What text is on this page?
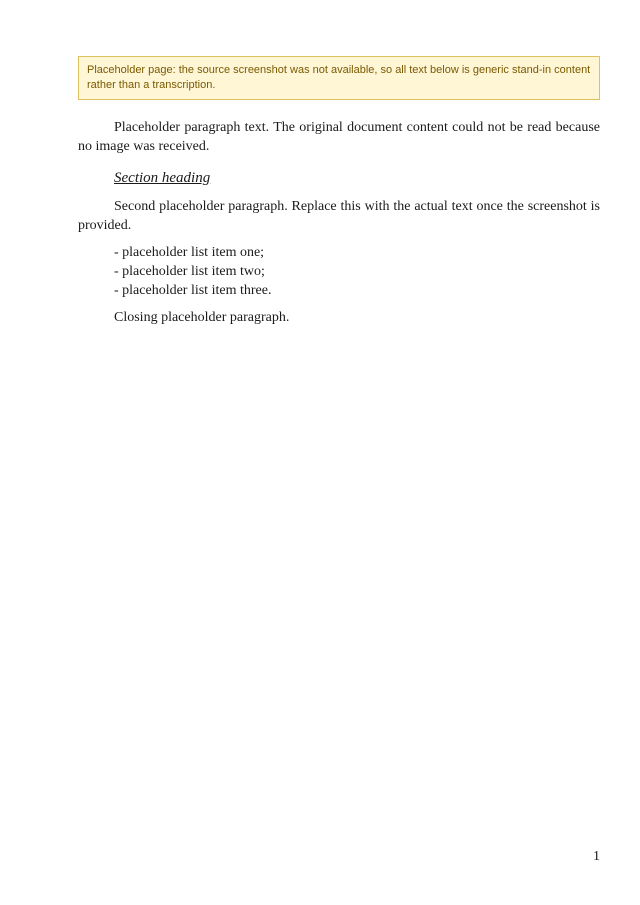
Placeholder page: the source screenshot was not available, so all text below is generic stand-in content rather than a transcription.

Placeholder paragraph text. The original document content could not be read because no image was received.

Section heading

Second placeholder paragraph. Replace this with the actual text once the screenshot is provided.

- placeholder list item one;
- placeholder list item two;
- placeholder list item three.

Closing placeholder paragraph.

1
